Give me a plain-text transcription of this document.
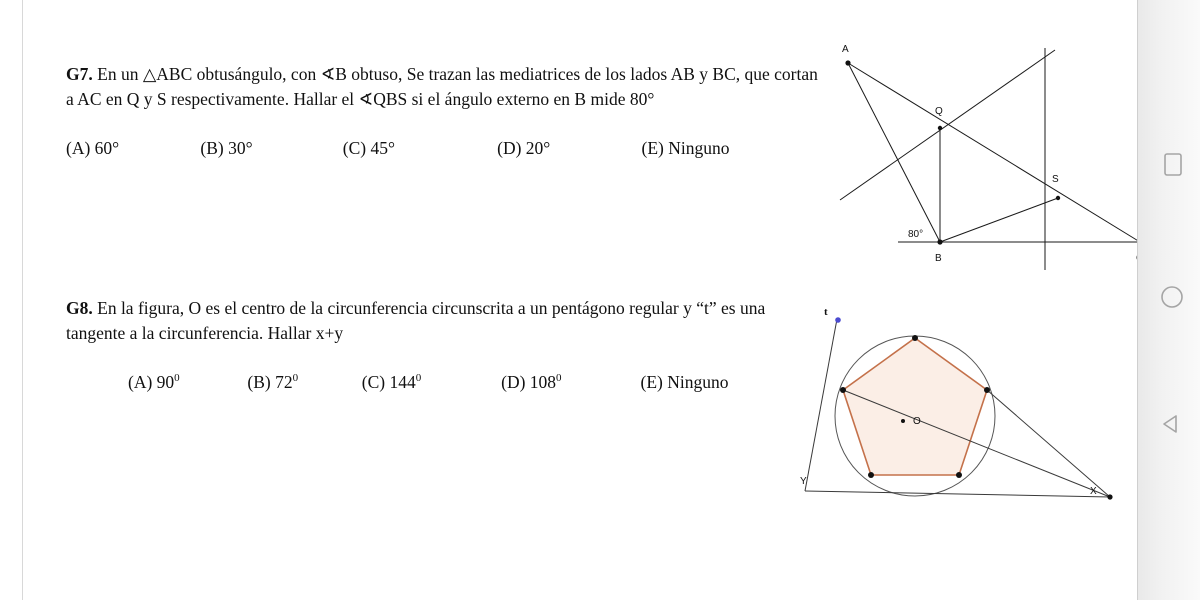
G7. En un △ABC obtusángulo, con ∢B obtuso, Se trazan las mediatrices de los lados AB y BC, que cortan a AC en Q y S respectivamente. Hallar el ∢QBS si el ángulo externo en B mide 80°
(A) 60°	(B) 30°	(C) 45°	(D) 20°	(E) Ninguno
A
B
Q
S
80°
G8. En la figura, O es el centro de la circunferencia circunscrita a un pentágono regular y “t” es una tangente a la circunferencia. Hallar x+y
(A) $90^0$	(B) $72^0$	(C) $144^0$	(D) $108^0$	(E) Ninguno
t
O
Y
X
